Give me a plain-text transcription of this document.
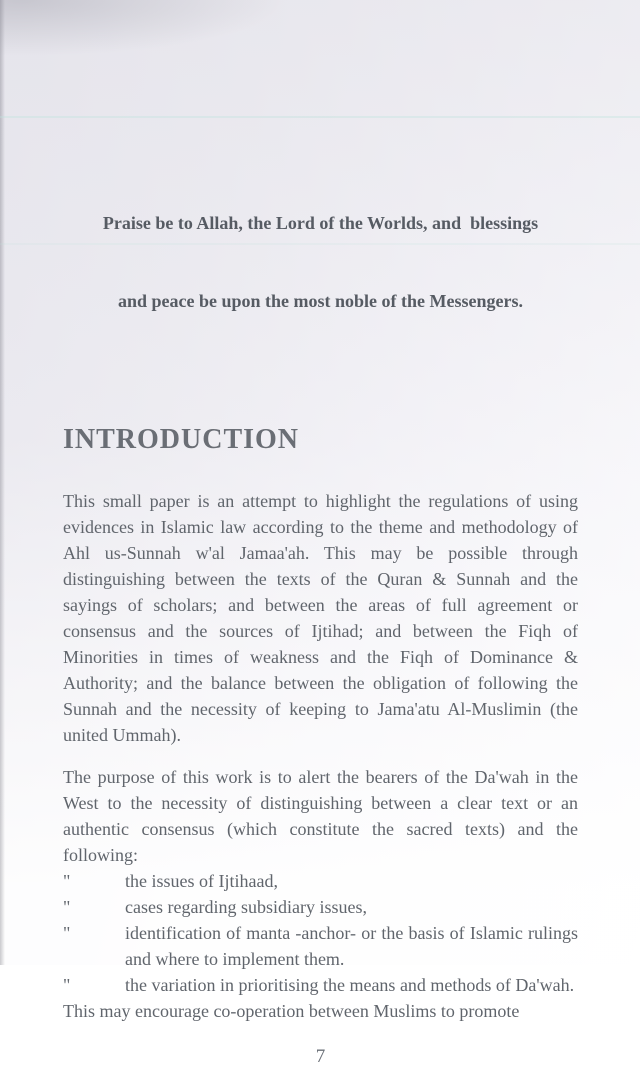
Praise be to Allah, the Lord of the Worlds, and  blessings

and peace be upon the most noble of the Messengers.

INTRODUCTION

This small paper is an attempt to highlight the regulations of using evidences in Islamic law according to the theme and methodology of Ahl us-Sunnah w'al Jamaa'ah. This may be possible through distinguishing between the texts of the Quran & Sunnah and the sayings of scholars; and between the areas of full agreement or consensus and the sources of Ijtihad; and between the Fiqh of Minorities in times of weakness and the Fiqh of Dominance & Authority; and the balance between the obligation of following the Sunnah and the necessity of keeping to Jama'atu Al-Muslimin (the united Ummah).

The purpose of this work is to alert the bearers of the Da'wah in the West to the necessity of distinguishing between a clear text or an authentic consensus (which constitute the sacred texts) and the following:

"	the issues of Ijtihaad,
"	cases regarding subsidiary issues,
"	identification of manta -anchor- or the basis of Islamic rulings and where to implement them.
"	the variation in prioritising the means and methods of Da'wah.

This may encourage co-operation between Muslims to promote

7
